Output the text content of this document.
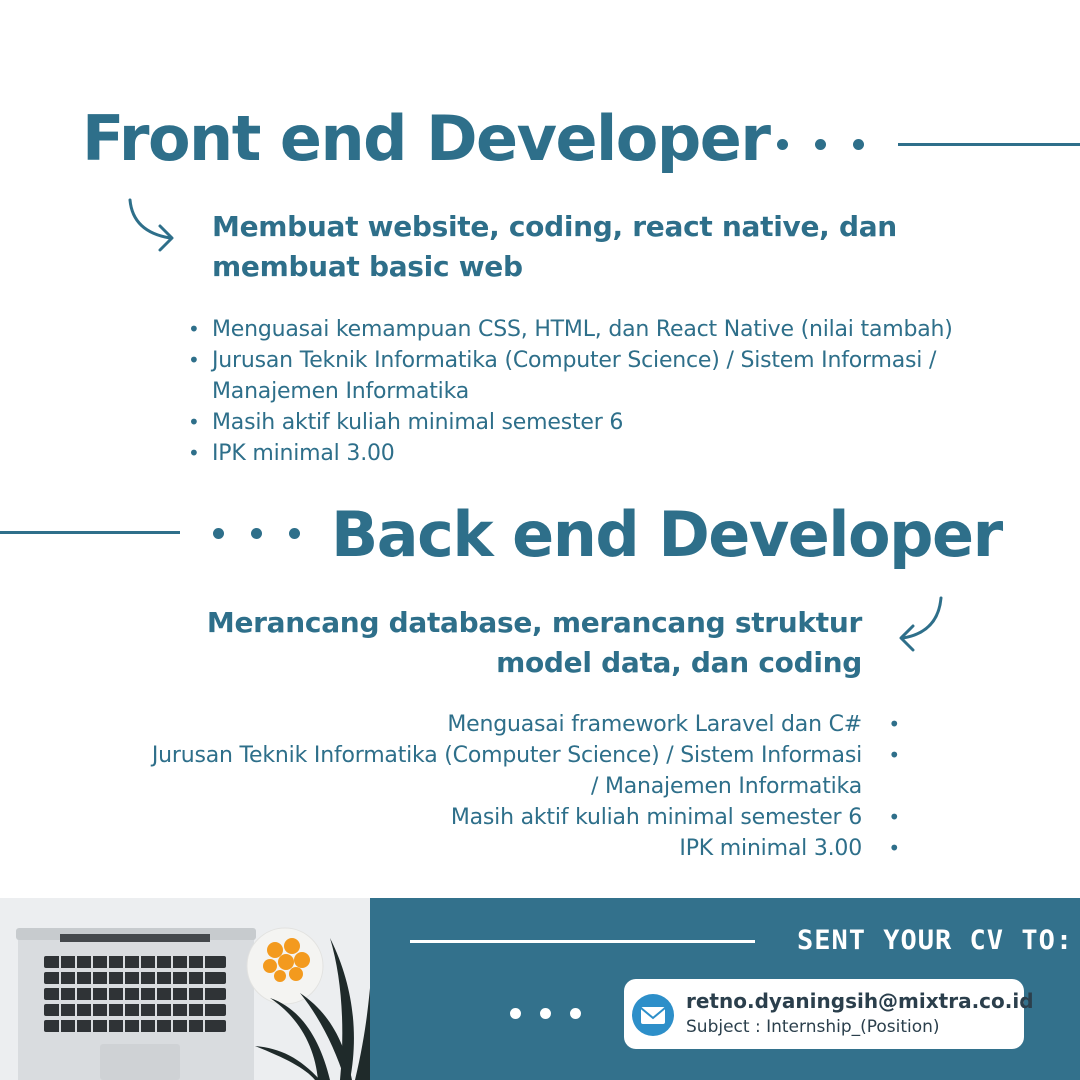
Front end Developer
Membuat website, coding, react native, dan
membuat basic web
• Menguasai kemampuan CSS, HTML, dan React Native (nilai tambah)
• Jurusan Teknik Informatika (Computer Science) / Sistem Informasi /
Manajemen Informatika
• Masih aktif kuliah minimal semester 6
• IPK minimal 3.00
Back end Developer
Merancang database, merancang struktur
model data, dan coding
Menguasai framework Laravel dan C# •
Jurusan Teknik Informatika (Computer Science) / Sistem Informasi •
/ Manajemen Informatika
Masih aktif kuliah minimal semester 6 •
IPK minimal 3.00 •
SENT YOUR CV TO:
retno.dyaningsih@mixtra.co.id
Subject : Internship_(Position)
